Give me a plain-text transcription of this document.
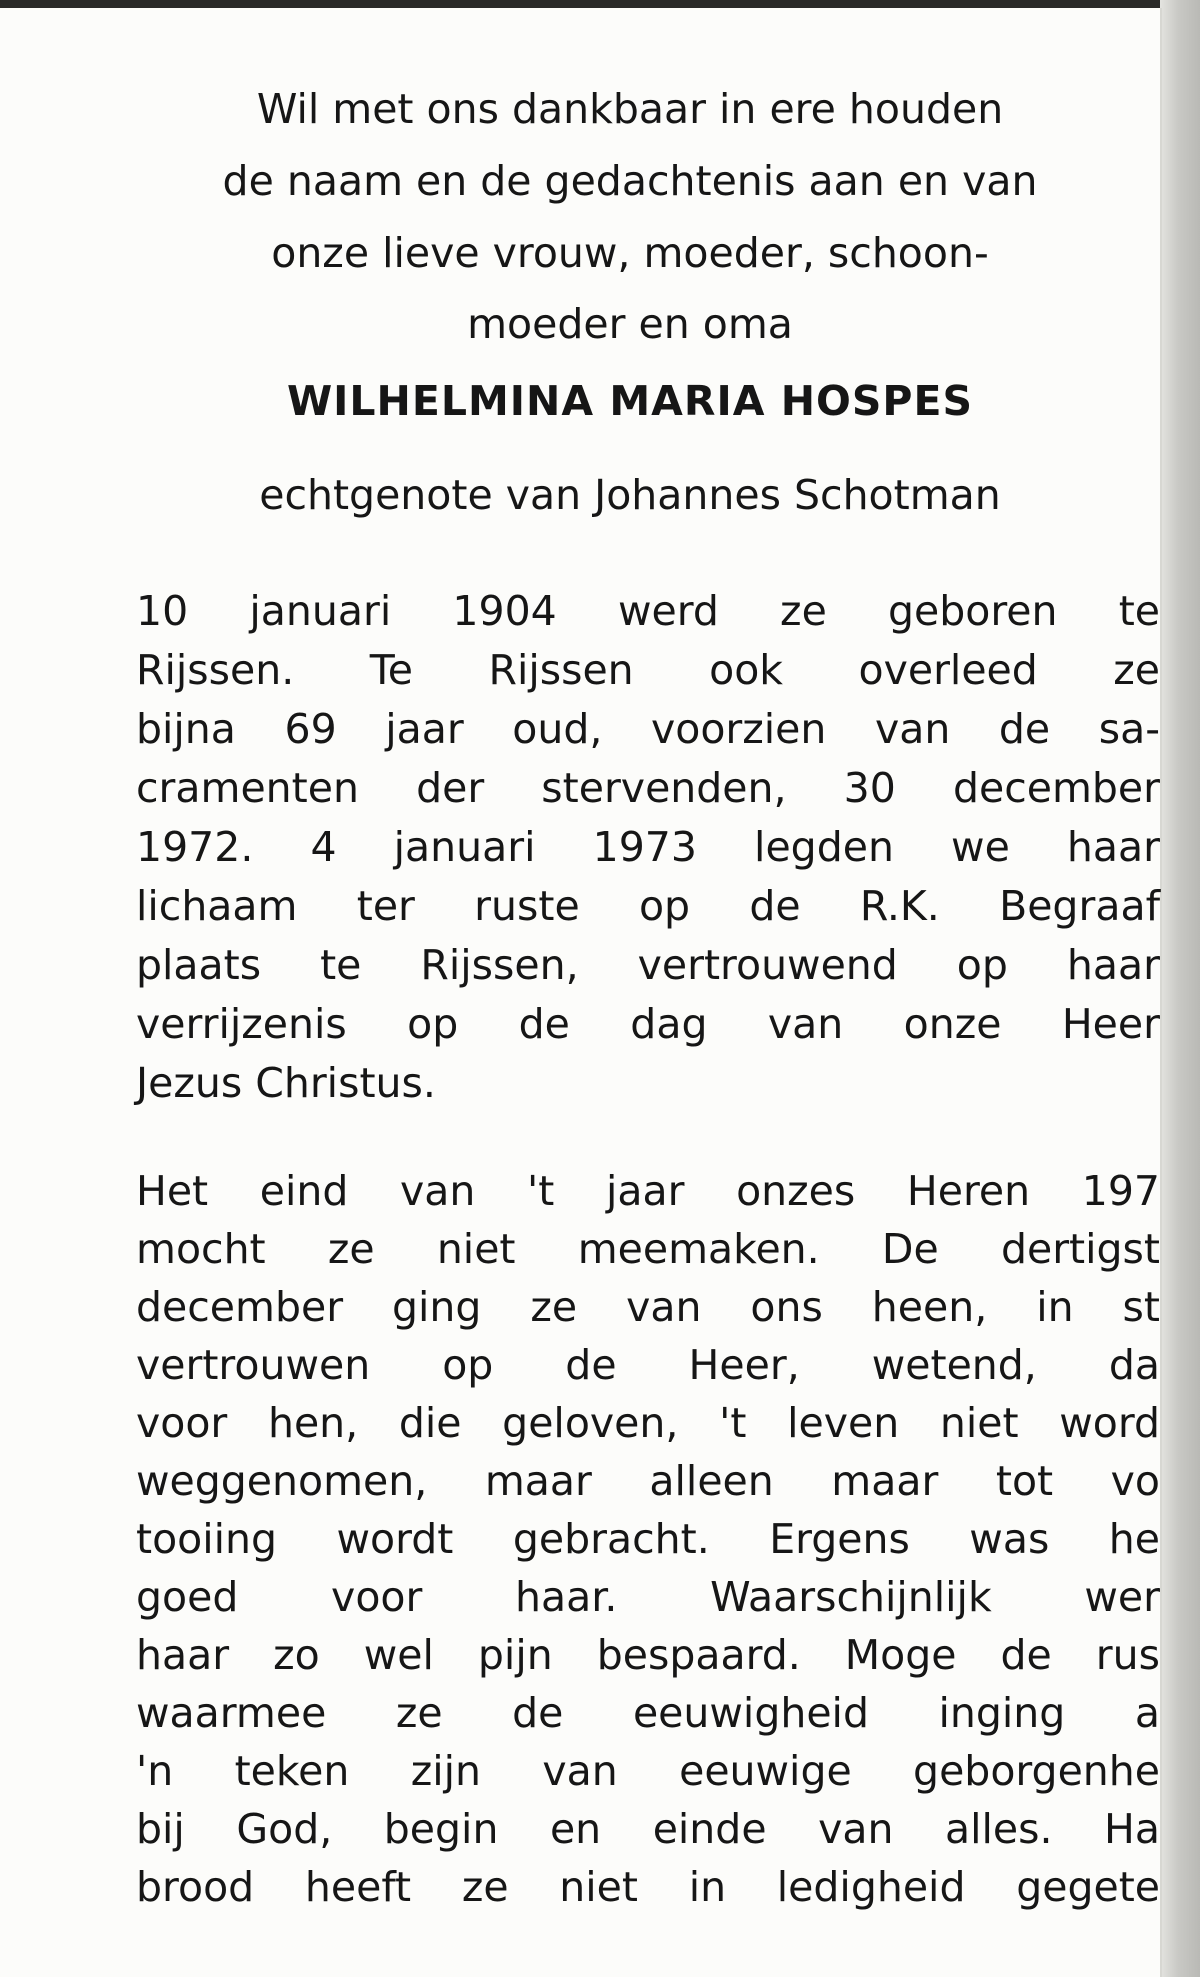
Wil met ons dankbaar in ere houden

de naam en de gedachtenis aan en van

onze lieve vrouw, moeder, schoon-

moeder en oma

WILHELMINA MARIA HOSPES

echtgenote van Johannes Schotman

10 januari 1904 werd ze geboren te

Rijssen. Te Rijssen ook overleed ze

bijna 69 jaar oud, voorzien van de sa-

cramenten der stervenden, 30 december

1972. 4 januari 1973 legden we haar

lichaam ter ruste op de R.K. Begraaf

plaats te Rijssen, vertrouwend op haar

verrijzenis op de dag van onze Heer

Jezus Christus.

Het eind van 't jaar onzes Heren 197

mocht ze niet meemaken. De dertigst

december ging ze van ons heen, in st

vertrouwen op de Heer, wetend, da

voor hen, die geloven, 't leven niet word

weggenomen, maar alleen maar tot vo

tooiing wordt gebracht. Ergens was he

goed voor haar. Waarschijnlijk wer

haar zo wel pijn bespaard. Moge de rus

waarmee ze de eeuwigheid inging a

'n teken zijn van eeuwige geborgenhe

bij God, begin en einde van alles. Ha

brood heeft ze niet in ledigheid gegete
